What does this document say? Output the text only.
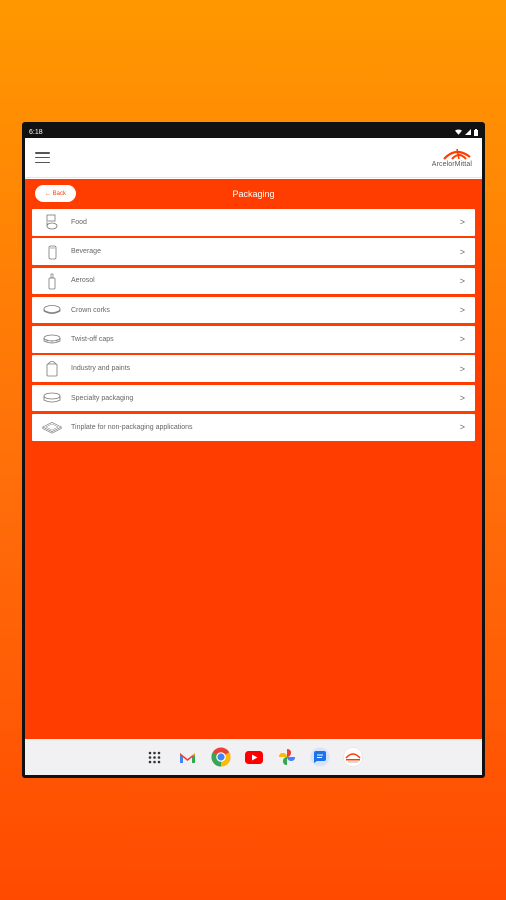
6:18
ArcelorMittal
← Back	Packaging
Food	>
Beverage	>
Aerosol	>
Crown corks	>
Twist-off caps	>
Industry and paints	>
Specialty packaging	>
Tinplate for non-packaging applications	>
